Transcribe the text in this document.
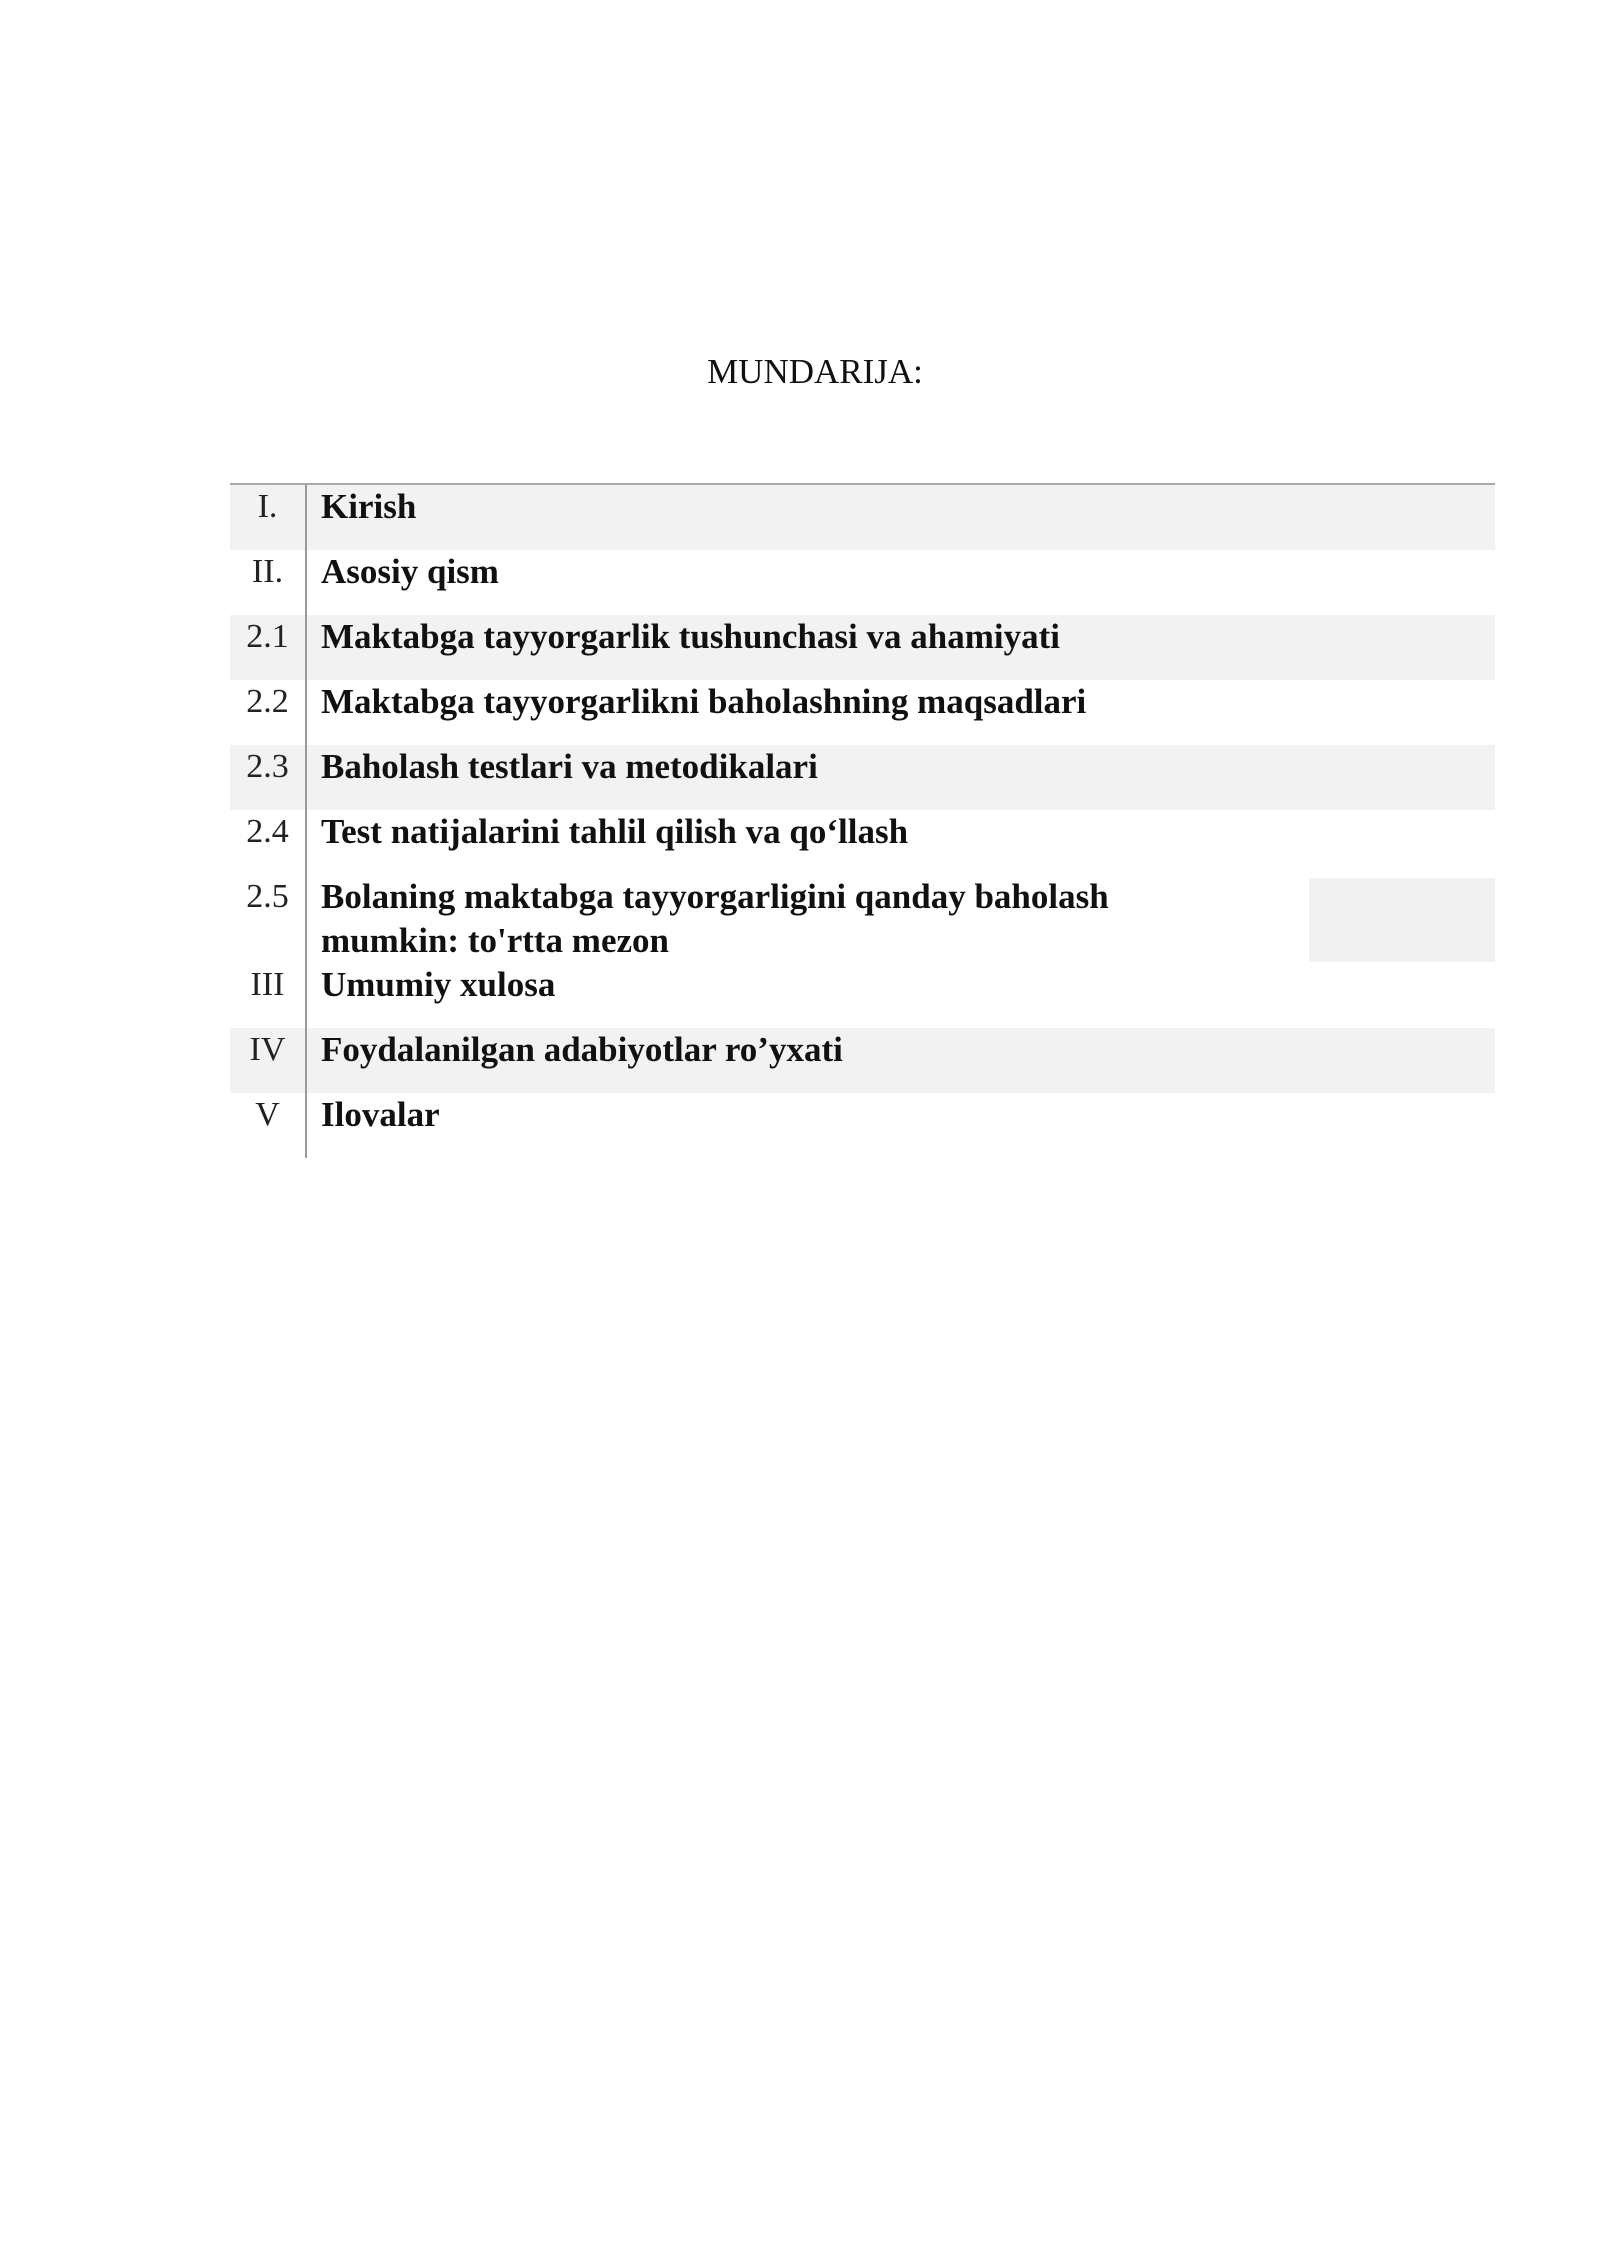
MUNDARIJA:
I.	Kirish
II.	Asosiy qism
2.1 Maktabga tayyorgarlik tushunchasi va ahamiyati
2.2 Maktabga tayyorgarlikni baholashning maqsadlari
2.3 Baholash testlari va metodikalari
2.4 Test natijalarini tahlil qilish va qo‘llash
2.5 Bolaning maktabga tayyorgarligini qanday baholash mumkin: to'rtta mezon
III	Umumiy xulosa
IV	Foydalanilgan adabiyotlar ro’yxati
V	Ilovalar
